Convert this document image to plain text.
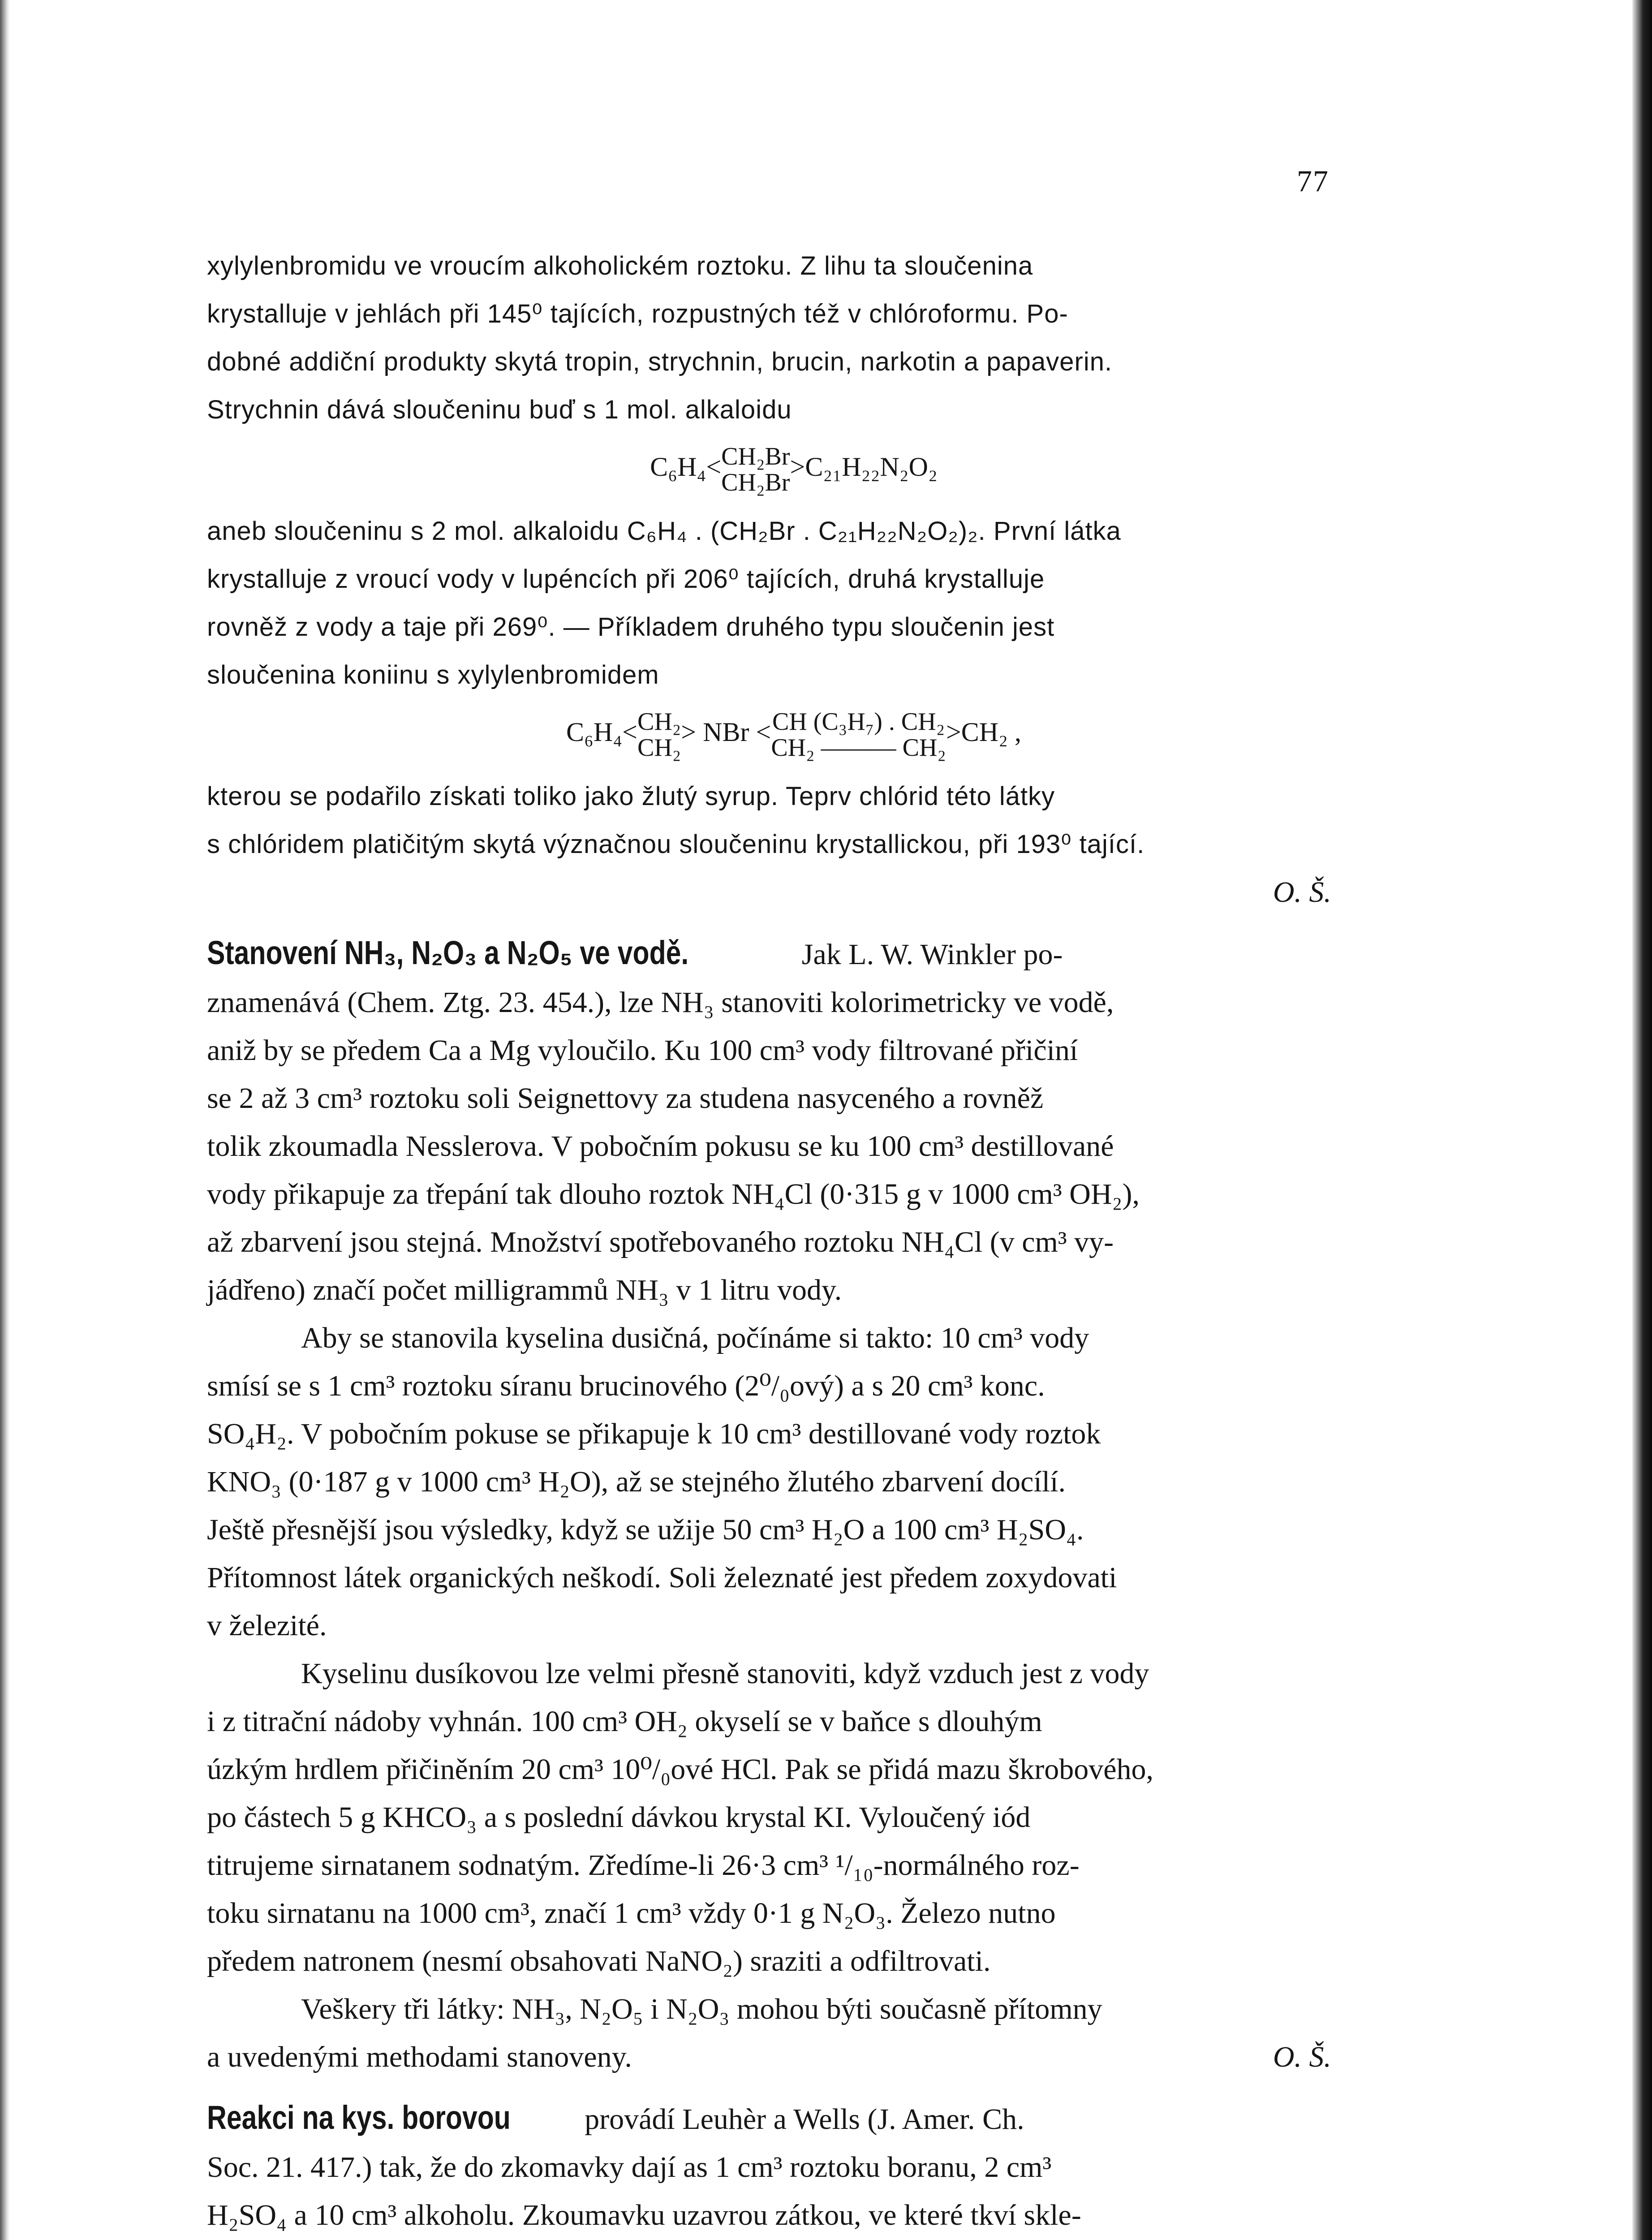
77
xylylenbromidu ve vroucím alkoholickém roztoku. Z lihu ta sloučenina
krystalluje v jehlách při 145⁰ tajících, rozpustných též v chlóroformu. Po-
dobné addiční produkty skytá tropin, strychnin, brucin, narkotin a papaverin.
Strychnin dává sloučeninu buď s 1 mol. alkaloidu
C₆H₄< CH₂Br
CH₂Br
>C₂₁H₂₂N₂O₂
aneb sloučeninu s 2 mol. alkaloidu C₆H₄ . (CH₂Br . C₂₁H₂₂N₂O₂)₂. První látka
krystalluje z vroucí vody v lupéncích při 206⁰ tajících, druhá krystalluje
rovněž z vody a taje při 269⁰. — Příkladem druhého typu sloučenin jest
sloučenina koniinu s xylylenbromidem
C₆H₄< CH₂
CH₂
> NBr < CH (C₃H₇) . CH₂
CH₂ ——— CH₂
>CH₂ ,
kterou se podařilo získati toliko jako žlutý syrup. Teprv chlórid této látky
s chlóridem platičitým skytá význačnou sloučeninu krystallickou, při 193⁰ tající.
O. Š.
Stanovení NH₃, N₂O₃ a N₂O₅ ve vodě.	Jak L. W. Winkler po-
znamenává (Chem. Ztg. 23. 454.), lze NH₃ stanoviti kolorimetricky ve vodě,
aniž by se předem Ca a Mg vyloučilo. Ku 100 cm³ vody filtrované přičiní
se 2 až 3 cm³ roztoku soli Seignettovy za studena nasyceného a rovněž
tolik zkoumadla Nesslerova. V pobočním pokusu se ku 100 cm³ destillované
vody přikapuje za třepání tak dlouho roztok NH₄Cl (0·315 g v 1000 cm³ OH₂),
až zbarvení jsou stejná. Množství spotřebovaného roztoku NH₄Cl (v cm³ vy-
jádřeno) značí počet milligrammů NH₃ v 1 litru vody.
Aby se stanovila kyselina dusičná, počínáme si takto: 10 cm³ vody
smísí se s 1 cm³ roztoku síranu brucinového (2⁰/₀ový) a s 20 cm³ konc.
SO₄H₂. V pobočním pokuse se přikapuje k 10 cm³ destillované vody roztok
KNO₃ (0·187 g v 1000 cm³ H₂O), až se stejného žlutého zbarvení docílí.
Ještě přesnější jsou výsledky, když se užije 50 cm³ H₂O a 100 cm³ H₂SO₄.
Přítomnost látek organických neškodí. Soli železnaté jest předem zoxydovati
v železité.
Kyselinu dusíkovou lze velmi přesně stanoviti, když vzduch jest z vody
i z titrační nádoby vyhnán. 100 cm³ OH₂ okyselí se v baňce s dlouhým
úzkým hrdlem přičiněním 20 cm³ 10⁰/₀ové HCl. Pak se přidá mazu škrobového,
po částech 5 g KHCO₃ a s poslední dávkou krystal KI. Vyloučený iód
titrujeme sirnatanem sodnatým. Zředíme-li 26·3 cm³ ¹/₁₀-normálného roz-
toku sirnatanu na 1000 cm³, značí 1 cm³ vždy 0·1 g N₂O₃. Železo nutno
předem natronem (nesmí obsahovati NaNO₂) sraziti a odfiltrovati.
Veškery tři látky: NH₃, N₂O₅ i N₂O₃ mohou býti současně přítomny
a uvedenými methodami stanoveny.	O. Š.
Reakci na kys. borovou provádí Leuhèr a Wells (J. Amer. Ch.
Soc. 21. 417.) tak, že do zkomavky dají as 1 cm³ roztoku boranu, 2 cm³
H₂SO₄ a 10 cm³ alkoholu. Zkoumavku uzavrou zátkou, ve které tkví skle-
